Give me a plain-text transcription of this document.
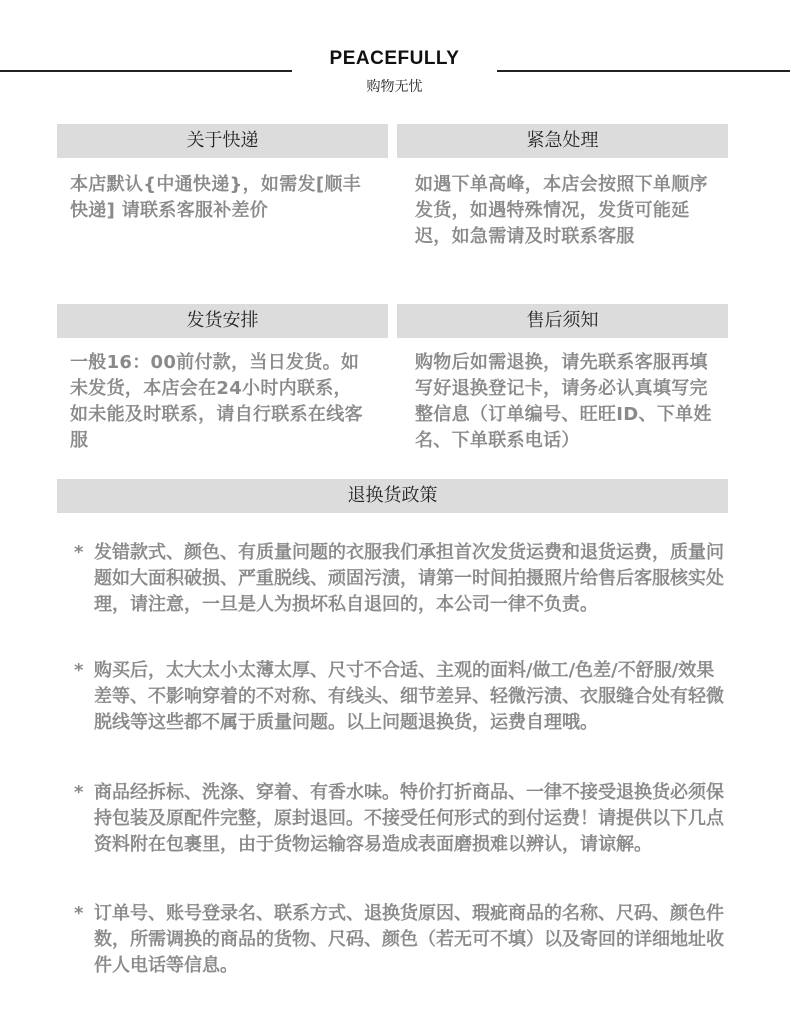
PEACEFULLY
购物无忧
关于快递	紧急处理
本店默认{中通快递}，如需发[顺丰快递] 请联系客服补差价
如遇下单高峰，本店会按照下单顺序发货，如遇特殊情况，发货可能延迟，如急需请及时联系客服
发货安排	售后须知
一般16：00前付款，当日发货。如未发货，本店会在24小时内联系，如未能及时联系，请自行联系在线客服
购物后如需退换，请先联系客服再填写好退换登记卡，请务必认真填写完整信息（订单编号、旺旺ID、下单姓名、下单联系电话）
退换货政策
* 发错款式、颜色、有质量问题的衣服我们承担首次发货运费和退货运费，质量问题如大面积破损、严重脱线、顽固污渍，请第一时间拍摄照片给售后客服核实处理，请注意，一旦是人为损坏私自退回的，本公司一律不负责。
* 购买后，太大太小太薄太厚、尺寸不合适、主观的面料/做工/色差/不舒服/效果差等、不影响穿着的不对称、有线头、细节差异、轻微污渍、衣服缝合处有轻微脱线等这些都不属于质量问题。以上问题退换货，运费自理哦。
* 商品经拆标、洗涤、穿着、有香水味。特价打折商品、一律不接受退换货必须保持包装及原配件完整，原封退回。不接受任何形式的到付运费！请提供以下几点资料附在包裹里，由于货物运输容易造成表面磨损难以辨认，请谅解。
* 订单号、账号登录名、联系方式、退换货原因、瑕疵商品的名称、尺码、颜色件数，所需调换的商品的货物、尺码、颜色（若无可不填）以及寄回的详细地址收件人电话等信息。
